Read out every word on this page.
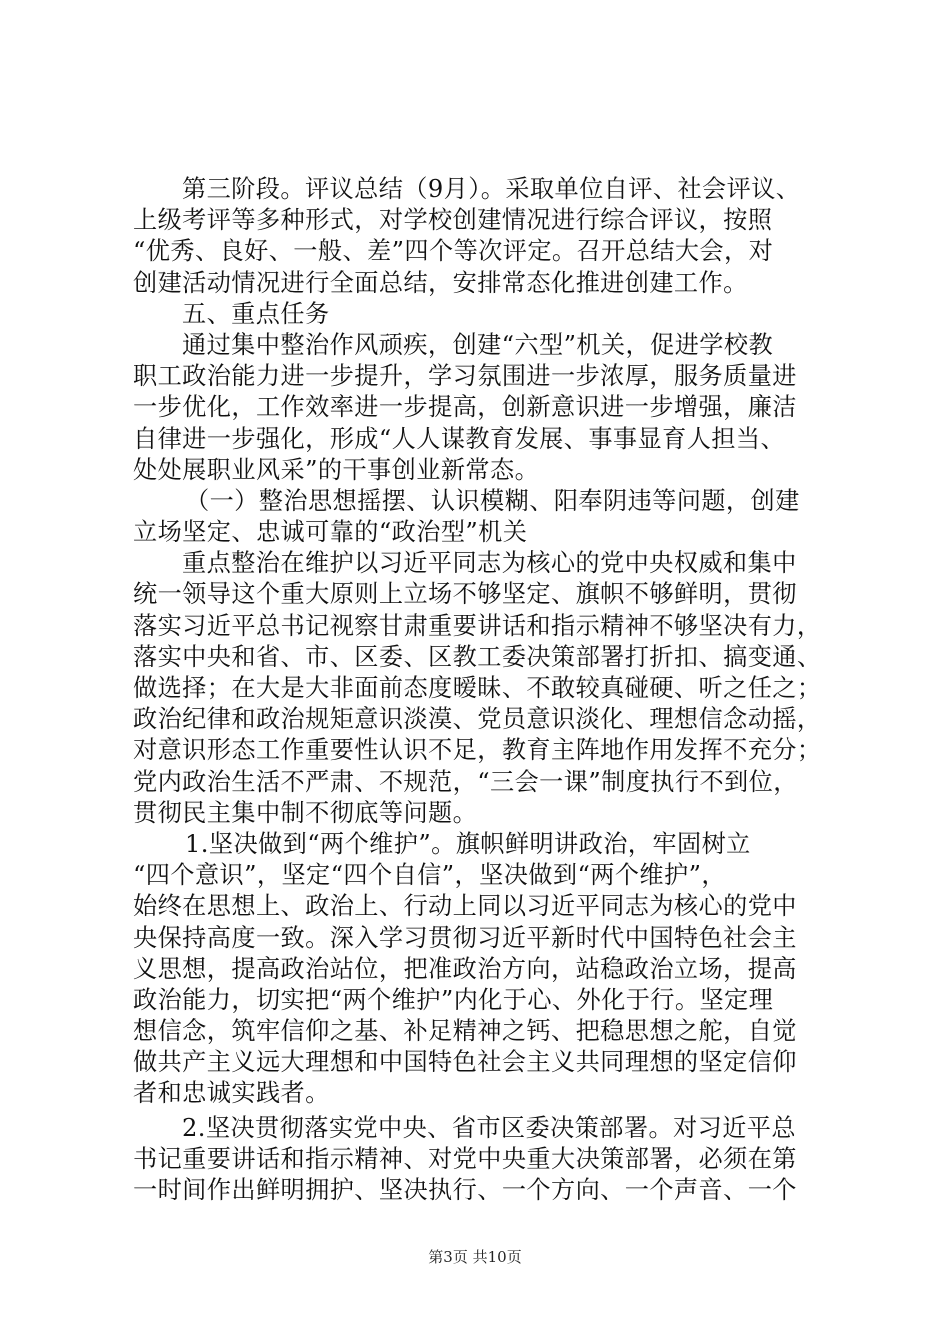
第三阶段。评议总结（9月）。采取单位自评、社会评议、
上级考评等多种形式，对学校创建情况进行综合评议，按照
“优秀、良好、一般、差”四个等次评定。召开总结大会，对
创建活动情况进行全面总结，安排常态化推进创建工作。
五、重点任务
通过集中整治作风顽疾，创建“六型”机关，促进学校教
职工政治能力进一步提升，学习氛围进一步浓厚，服务质量进
一步优化，工作效率进一步提高，创新意识进一步增强，廉洁
自律进一步强化，形成“人人谋教育发展、事事显育人担当、
处处展职业风采”的干事创业新常态。
（一）整治思想摇摆、认识模糊、阳奉阴违等问题，创建
立场坚定、忠诚可靠的“政治型”机关
重点整治在维护以习近平同志为核心的党中央权威和集中
统一领导这个重大原则上立场不够坚定、旗帜不够鲜明，贯彻
落实习近平总书记视察甘肃重要讲话和指示精神不够坚决有力，
落实中央和省、市、区委、区教工委决策部署打折扣、搞变通、
做选择；在大是大非面前态度暧昧、不敢较真碰硬、听之任之；
政治纪律和政治规矩意识淡漠、党员意识淡化、理想信念动摇，
对意识形态工作重要性认识不足，教育主阵地作用发挥不充分；
党内政治生活不严肃、不规范，“三会一课”制度执行不到位，
贯彻民主集中制不彻底等问题。
1.坚决做到“两个维护”。旗帜鲜明讲政治，牢固树立
“四个意识”，坚定“四个自信”，坚决做到“两个维护”，
始终在思想上、政治上、行动上同以习近平同志为核心的党中
央保持高度一致。深入学习贯彻习近平新时代中国特色社会主
义思想，提高政治站位，把准政治方向，站稳政治立场，提高
政治能力，切实把“两个维护”内化于心、外化于行。坚定理
想信念，筑牢信仰之基、补足精神之钙、把稳思想之舵，自觉
做共产主义远大理想和中国特色社会主义共同理想的坚定信仰
者和忠诚实践者。
2.坚决贯彻落实党中央、省市区委决策部署。对习近平总
书记重要讲话和指示精神、对党中央重大决策部署，必须在第
一时间作出鲜明拥护、坚决执行、一个方向、一个声音、一个
第3页 共10页
